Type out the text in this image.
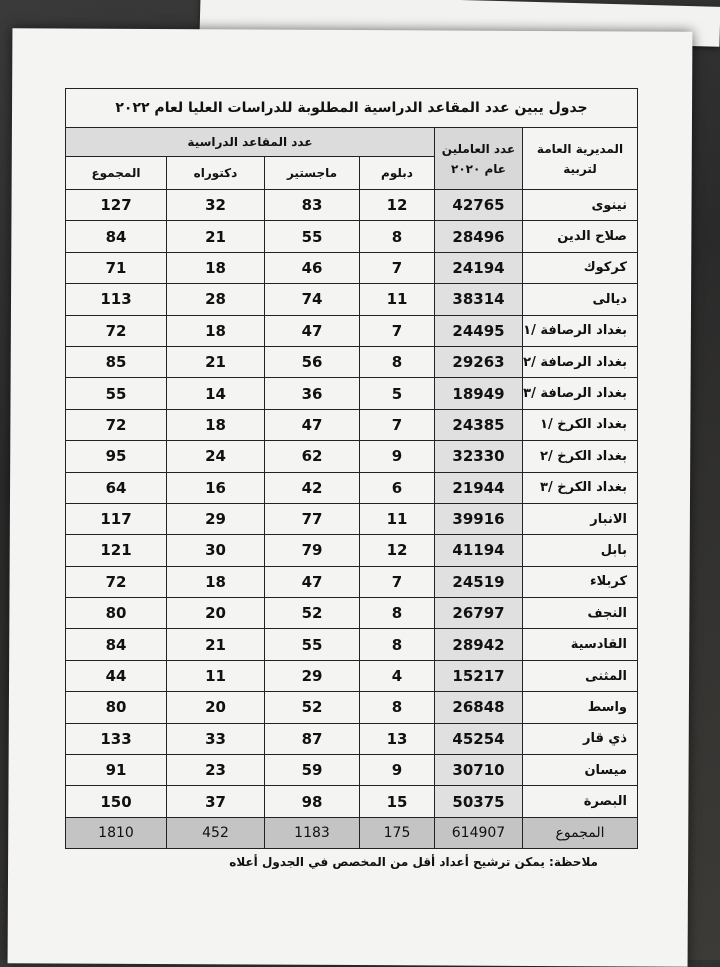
جدول يبين عدد المقاعد الدراسية المطلوبة للدراسات العليا لعام ٢٠٢٢					
المديرية العامة لتربية	عدد العاملين عام ٢٠٢٠	عدد المقاعد الدراسية			
		دبلوم	ماجستير	دكتوراه	المجموع
نينوى	42765	12	83	32	127
صلاح الدين	28496	8	55	21	84
كركوك	24194	7	46	18	71
ديالى	38314	11	74	28	113
بغداد الرصافة /١	24495	7	47	18	72
بغداد الرصافة /٢	29263	8	56	21	85
بغداد الرصافة /٣	18949	5	36	14	55
بغداد الكرخ /١	24385	7	47	18	72
بغداد الكرخ /٢	32330	9	62	24	95
بغداد الكرخ /٣	21944	6	42	16	64
الانبار	39916	11	77	29	117
بابل	41194	12	79	30	121
كربلاء	24519	7	47	18	72
النجف	26797	8	52	20	80
القادسية	28942	8	55	21	84
المثنى	15217	4	29	11	44
واسط	26848	8	52	20	80
ذي قار	45254	13	87	33	133
ميسان	30710	9	59	23	91
البصرة	50375	15	98	37	150
المجموع	614907	175	1183	452	1810
ملاحظة: يمكن ترشيح أعداد أقل من المخصص في الجدول أعلاه
